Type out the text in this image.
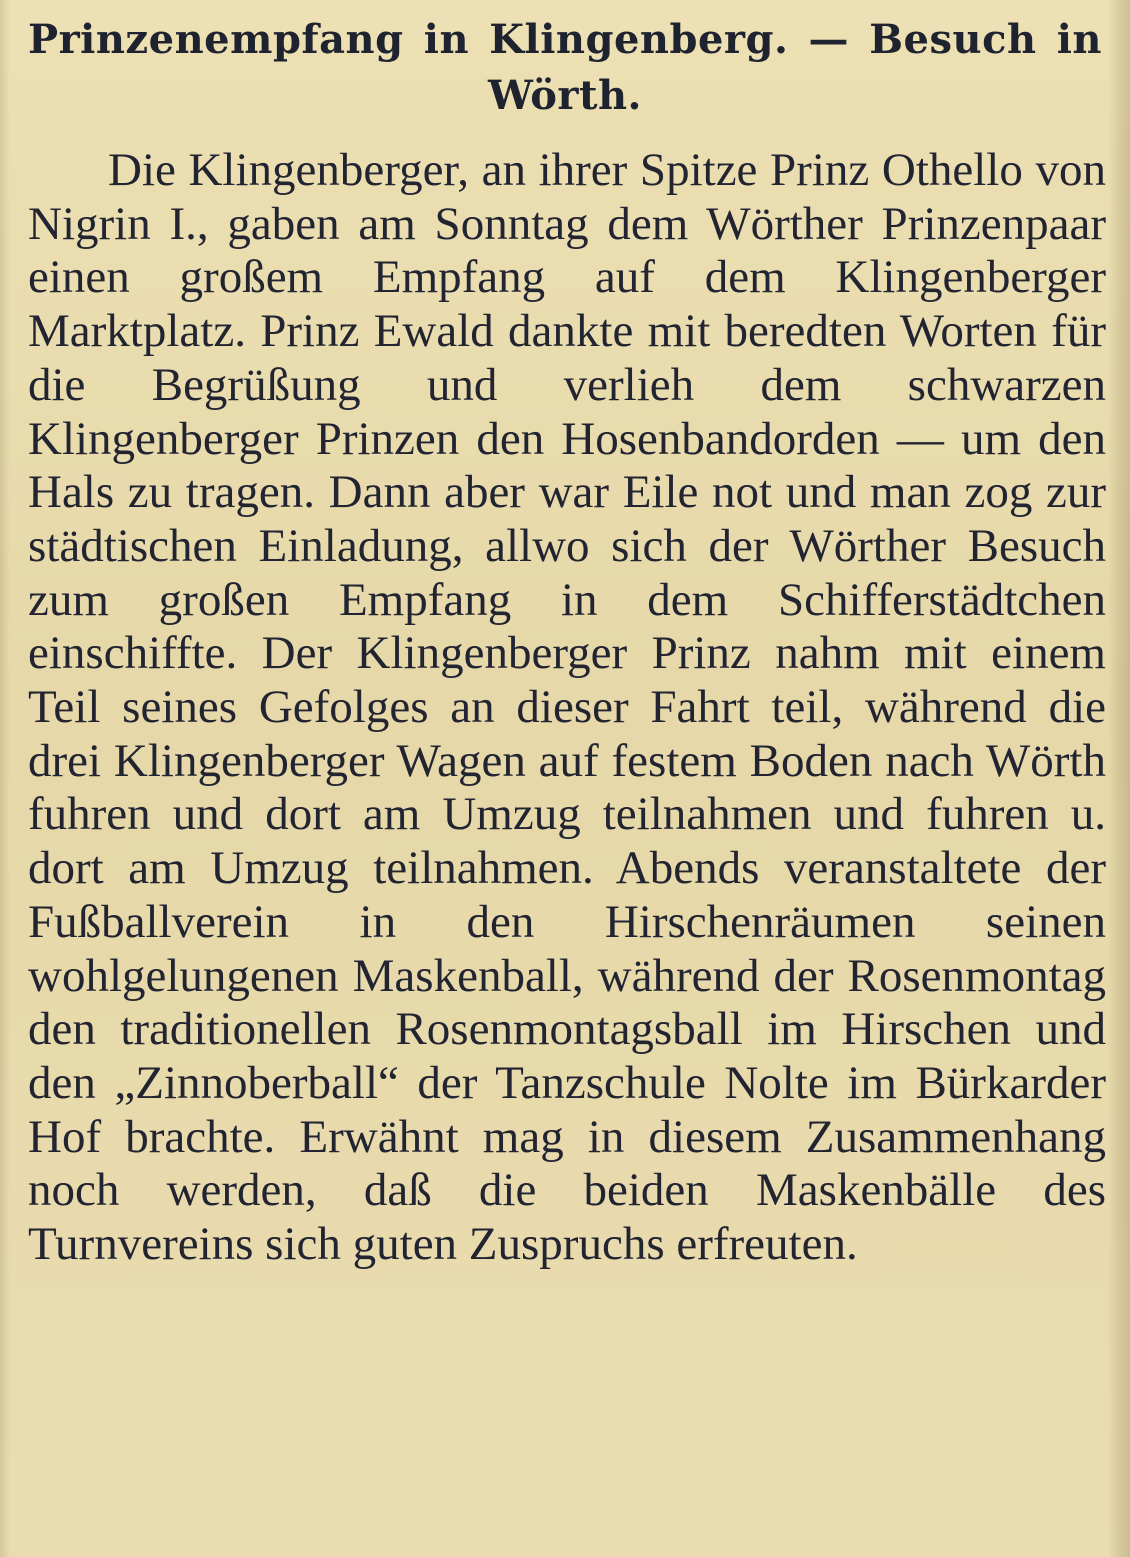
Prinzenempfang in Klingenberg. — Besuch in Wörth.

Die Klingenberger, an ihrer Spitze Prinz Othello von Nigrin I., gaben am Sonntag dem Wörther Prinzenpaar einen großem Empfang auf dem Klingenberger Marktplatz. Prinz Ewald dankte mit beredten Worten für die Begrüßung und verlieh dem schwarzen Klingenberger Prinzen den Hosenbandorden — um den Hals zu tragen. Dann aber war Eile not und man zog zur städtischen Einladung, allwo sich der Wörther Besuch zum großen Empfang in dem Schifferstädtchen einschiffte. Der Klingenberger Prinz nahm mit einem Teil seines Gefolges an dieser Fahrt teil, während die drei Klingenberger Wagen auf festem Boden nach Wörth fuhren und dort am Umzug teilnahmen und fuhren u. dort am Umzug teilnahmen. Abends veranstaltete der Fußballverein in den Hirschenräumen seinen wohlgelungenen Maskenball, während der Rosenmontag den traditionellen Rosenmontagsball im Hirschen und den „Zinnoberball“ der Tanzschule Nolte im Bürkarder Hof brachte. Erwähnt mag in diesem Zusammenhang noch werden, daß die beiden Maskenbälle des Turnvereins sich guten Zuspruchs erfreuten.
